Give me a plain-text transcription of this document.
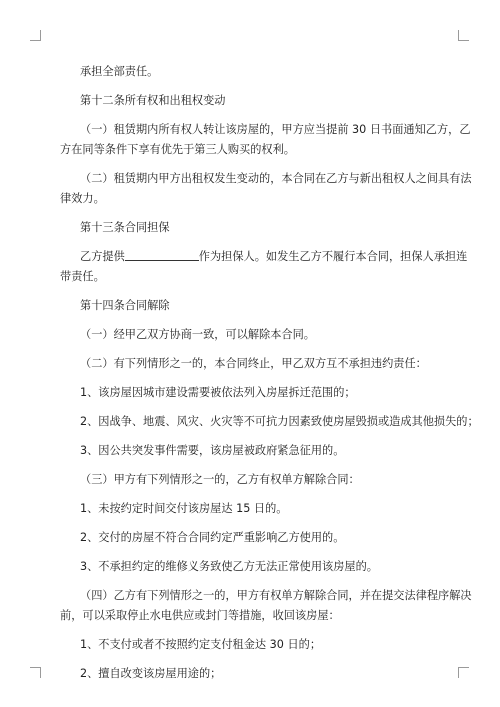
承担全部责任。
第十二条所有权和出租权变动
（一）租赁期内所有权人转让该房屋的，甲方应当提前 30 日书面通知乙方，乙
方在同等条件下享有优先于第三人购买的权利。
（二）租赁期内甲方出租权发生变动的，本合同在乙方与新出租权人之间具有法
律效力。
第十三条合同担保
乙方提供	作为担保人。如发生乙方不履行本合同，担保人承担连
带责任。
第十四条合同解除
（一）经甲乙双方协商一致，可以解除本合同。
（二）有下列情形之一的，本合同终止，甲乙双方互不承担违约责任：
1、该房屋因城市建设需要被依法列入房屋拆迁范围的；
2、因战争、地震、风灾、火灾等不可抗力因素致使房屋毁损或造成其他损失的；
3、因公共突发事件需要，该房屋被政府紧急征用的。
（三）甲方有下列情形之一的，乙方有权单方解除合同：
1、未按约定时间交付该房屋达 15 日的。
2、交付的房屋不符合合同约定严重影响乙方使用的。
3、不承担约定的维修义务致使乙方无法正常使用该房屋的。
（四）乙方有下列情形之一的，甲方有权单方解除合同，并在提交法律程序解决
前，可以采取停止水电供应或封门等措施，收回该房屋：
1、不支付或者不按照约定支付租金达 30 日的；
2、擅自改变该房屋用途的；
